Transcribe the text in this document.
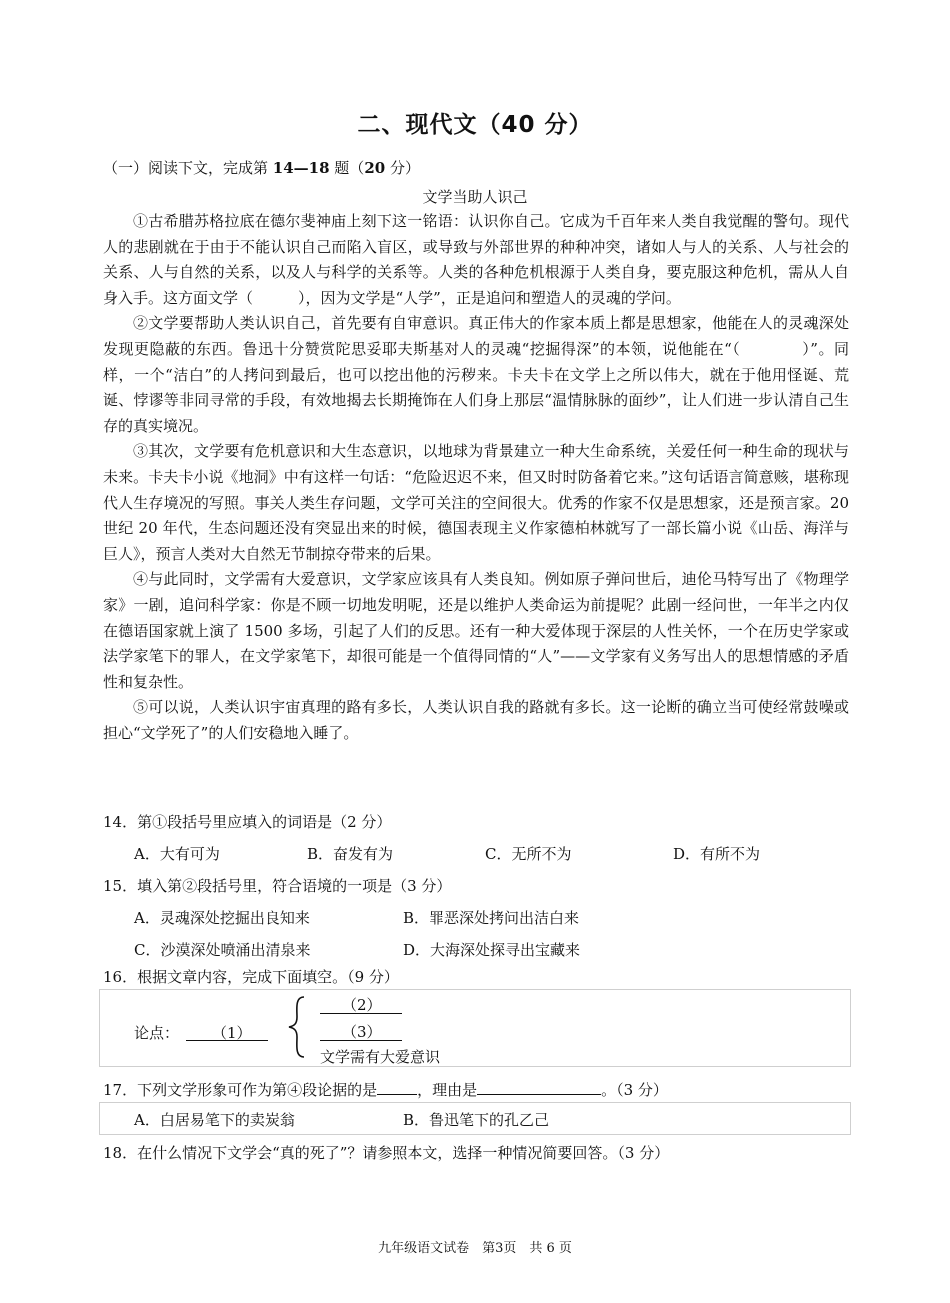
二、现代文（40 分）
（一）阅读下文，完成第 14—18 题（20 分）
文学当助人识己

①古希腊苏格拉底在德尔斐神庙上刻下这一铭语：认识你自己。它成为千百年来人类自我觉醒的警句。现代人的悲剧就在于由于不能认识自己而陷入盲区，或导致与外部世界的种种冲突，诸如人与人的关系、人与社会的关系、人与自然的关系，以及人与科学的关系等。人类的各种危机根源于人类自身，要克服这种危机，需从人自身入手。这方面文学（　　　），因为文学是“人学”，正是追问和塑造人的灵魂的学问。

②文学要帮助人类认识自己，首先要有自审意识。真正伟大的作家本质上都是思想家，他能在人的灵魂深处发现更隐蔽的东西。鲁迅十分赞赏陀思妥耶夫斯基对人的灵魂“挖掘得深”的本领，说他能在“（　　　　）”。同样，一个“洁白”的人拷问到最后，也可以挖出他的污秽来。卡夫卡在文学上之所以伟大，就在于他用怪诞、荒诞、悖谬等非同寻常的手段，有效地揭去长期掩饰在人们身上那层“温情脉脉的面纱”，让人们进一步认清自己生存的真实境况。

③其次，文学要有危机意识和大生态意识，以地球为背景建立一种大生命系统，关爱任何一种生命的现状与未来。卡夫卡小说《地洞》中有这样一句话：“危险迟迟不来，但又时时防备着它来。”这句话语言简意赅，堪称现代人生存境况的写照。事关人类生存问题，文学可关注的空间很大。优秀的作家不仅是思想家，还是预言家。20 世纪 20 年代，生态问题还没有突显出来的时候，德国表现主义作家德柏林就写了一部长篇小说《山岳、海洋与巨人》，预言人类对大自然无节制掠夺带来的后果。

④与此同时，文学需有大爱意识，文学家应该具有人类良知。例如原子弹问世后，迪伦马特写出了《物理学家》一剧，追问科学家：你是不顾一切地发明呢，还是以维护人类命运为前提呢？此剧一经问世，一年半之内仅在德语国家就上演了 1500 多场，引起了人们的反思。还有一种大爱体现于深层的人性关怀，一个在历史学家或法学家笔下的罪人，在文学家笔下，却很可能是一个值得同情的“人”——文学家有义务写出人的思想情感的矛盾性和复杂性。

⑤可以说，人类认识宇宙真理的路有多长，人类认识自我的路就有多长。这一论断的确立当可使经常鼓噪或担心“文学死了”的人们安稳地入睡了。

14．第①段括号里应填入的词语是（2 分）
A．大有可为	B．奋发有为	C．无所不为	D．有所不为
15．填入第②段括号里，符合语境的一项是（3 分）
A．灵魂深处挖掘出良知来	B．罪恶深处拷问出洁白来
C．沙漠深处喷涌出清泉来	D．大海深处探寻出宝藏来
16．根据文章内容，完成下面填空。（9 分）
论点： （1）
（2）
（3）
文学需有大爱意识
17．下列文学形象可作为第④段论据的是	，理由是	。（3 分）
A．白居易笔下的卖炭翁	B．鲁迅笔下的孔乙己
18．在什么情况下文学会“真的死了”？请参照本文，选择一种情况简要回答。（3 分）
九年级语文试卷　第3页　共 6 页
